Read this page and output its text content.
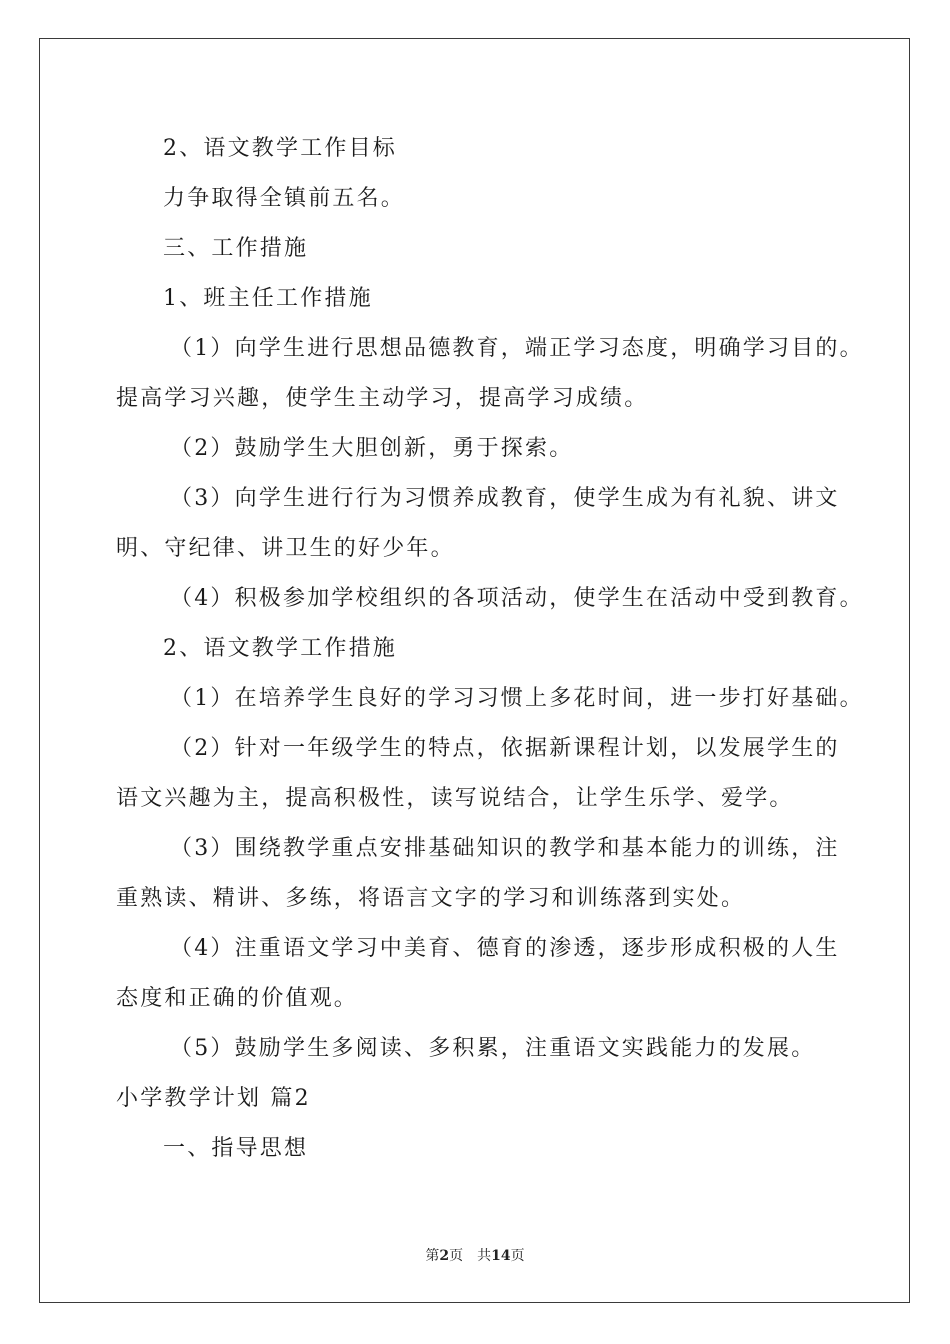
2、语文教学工作目标
力争取得全镇前五名。
三、工作措施
1、班主任工作措施
（1）向学生进行思想品德教育，端正学习态度，明确学习目的。
提高学习兴趣，使学生主动学习，提高学习成绩。
（2）鼓励学生大胆创新，勇于探索。
（3）向学生进行行为习惯养成教育，使学生成为有礼貌、讲文
明、守纪律、讲卫生的好少年。
（4）积极参加学校组织的各项活动，使学生在活动中受到教育。
2、语文教学工作措施
（1）在培养学生良好的学习习惯上多花时间，进一步打好基础。
（2）针对一年级学生的特点，依据新课程计划，以发展学生的
语文兴趣为主，提高积极性，读写说结合，让学生乐学、爱学。
（3）围绕教学重点安排基础知识的教学和基本能力的训练，注
重熟读、精讲、多练，将语言文字的学习和训练落到实处。
（4）注重语文学习中美育、德育的渗透，逐步形成积极的人生
态度和正确的价值观。
（5）鼓励学生多阅读、多积累，注重语文实践能力的发展。
小学教学计划 篇2
一、指导思想
第2页　共14页
